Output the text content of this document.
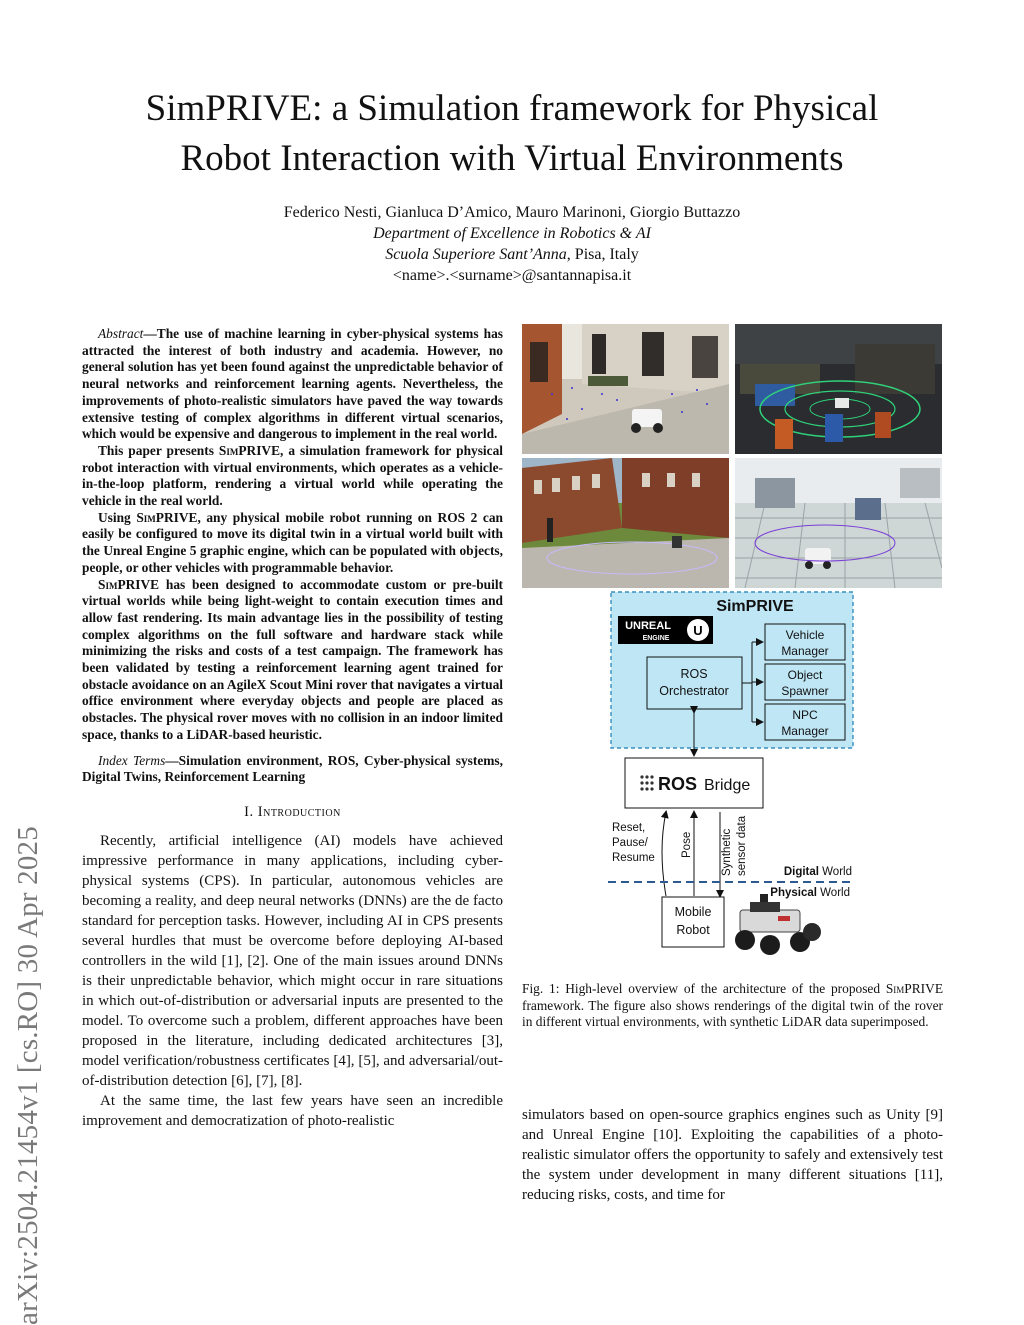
SimPRIVE: a Simulation framework for Physical
Robot Interaction with Virtual Environments
Federico Nesti, Gianluca D’Amico, Mauro Marinoni, Giorgio Buttazzo
Department of Excellence in Robotics & AI
Scuola Superiore Sant’Anna, Pisa, Italy
<name>.<surname>@santannapisa.it
arXiv:2504.21454v1 [cs.RO] 30 Apr 2025

Abstract—The use of machine learning in cyber-physical systems has attracted the interest of both industry and academia. However, no general solution has yet been found against the unpredictable behavior of neural networks and reinforcement learning agents. Nevertheless, the improvements of photo-realistic simulators have paved the way towards extensive testing of complex algorithms in different virtual scenarios, which would be expensive and dangerous to implement in the real world.

This paper presents SimPRIVE, a simulation framework for physical robot interaction with virtual environments, which operates as a vehicle-in-the-loop platform, rendering a virtual world while operating the vehicle in the real world.

Using SimPRIVE, any physical mobile robot running on ROS 2 can easily be configured to move its digital twin in a virtual world built with the Unreal Engine 5 graphic engine, which can be populated with objects, people, or other vehicles with programmable behavior.

SimPRIVE has been designed to accommodate custom or pre-built virtual worlds while being light-weight to contain execution times and allow fast rendering. Its main advantage lies in the possibility of testing complex algorithms on the full software and hardware stack while minimizing the risks and costs of a test campaign. The framework has been validated by testing a reinforcement learning agent trained for obstacle avoidance on an AgileX Scout Mini rover that navigates a virtual office environment where everyday objects and people are placed as obstacles. The physical rover moves with no collision in an indoor limited space, thanks to a LiDAR-based heuristic.

Index Terms—Simulation environment, ROS, Cyber-physical systems, Digital Twins, Reinforcement Learning

I. Introduction

Recently, artificial intelligence (AI) models have achieved impressive performance in many applications, including cyber-physical systems (CPS). In particular, autonomous vehicles are becoming a reality, and deep neural networks (DNNs) are the de facto standard for perception tasks. However, including AI in CPS presents several hurdles that must be overcome before deploying AI-based controllers in the wild [1], [2]. One of the main issues around DNNs is their unpredictable behavior, which might occur in rare situations in which out-of-distribution or adversarial inputs are presented to the model. To overcome such a problem, different approaches have been proposed in the literature, including dedicated architectures [3], model verification/robustness certificates [4], [5], and adversarial/out-of-distribution detection [6], [7], [8].

At the same time, the last few years have seen an incredible improvement and democratization of photo-realistic

SimPRIVE
UNREAL
ENGINE
U
ROS
Orchestrator
Vehicle
Manager
Object
Spawner
NPC
Manager
ROS Bridge
Reset,
Pause/
Resume Pose Synthetic sensor data	Digital World
Physical World
Mobile
Robot
Fig. 1: High-level overview of the architecture of the proposed SimPRIVE framework. The figure also shows renderings of the digital twin of the rover in different virtual environments, with synthetic LiDAR data superimposed.

simulators based on open-source graphics engines such as Unity [9] and Unreal Engine [10]. Exploiting the capabilities of a photo-realistic simulator offers the opportunity to safely and extensively test the system under development in many different situations [11], reducing risks, costs, and time for
